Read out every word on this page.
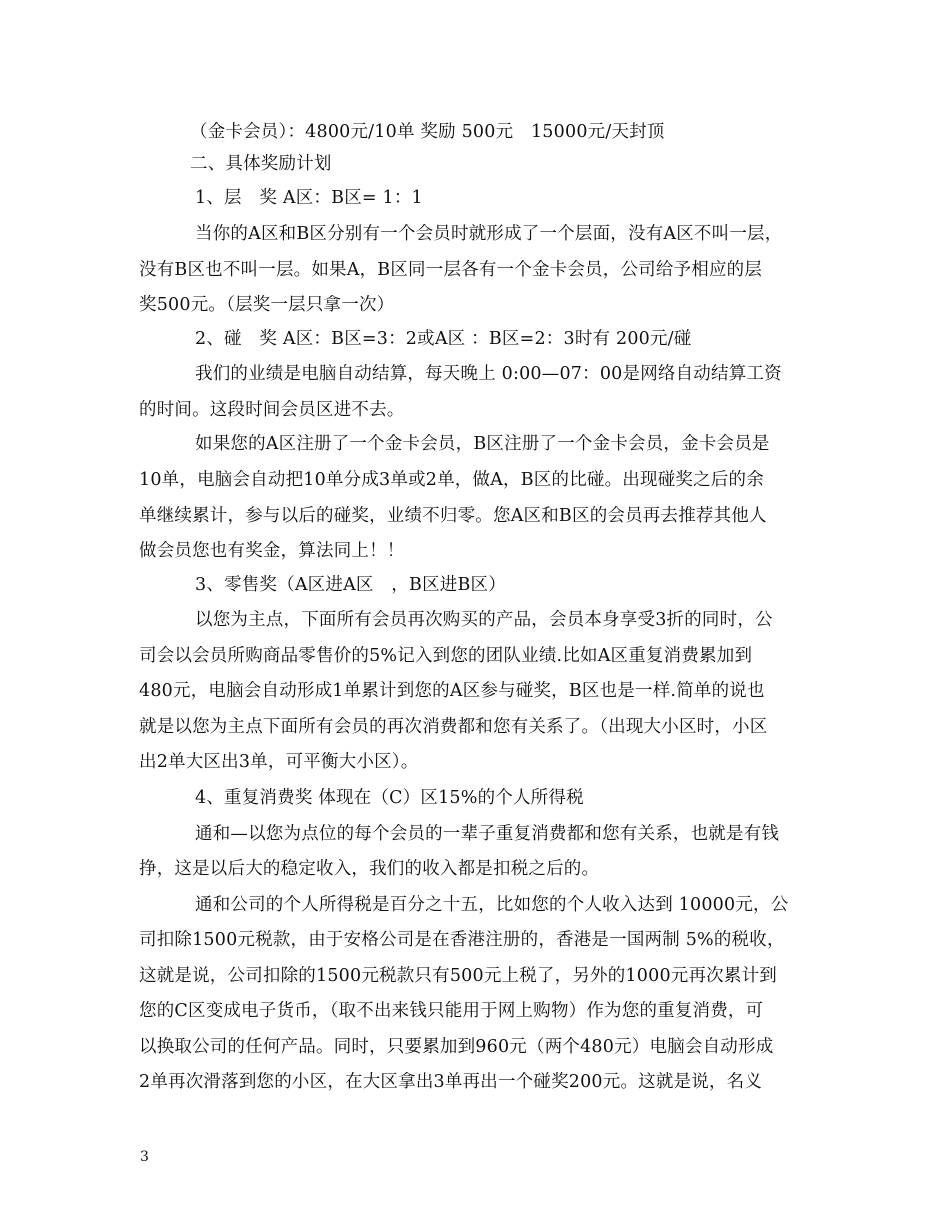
（金卡会员）：4800元/10单 奖励 500元　15000元/天封顶
二、具体奖励计划
1、层　奖 A区：B区= 1：1
当你的A区和B区分别有一个会员时就形成了一个层面，没有A区不叫一层，
没有B区也不叫一层。如果A，B区同一层各有一个金卡会员，公司给予相应的层
奖500元。（层奖一层只拿一次）
2、碰　奖 A区：B区=3：2或A区 ：B区=2：3时有 200元/碰
我们的业绩是电脑自动结算，每天晚上 0:00—07：00是网络自动结算工资
的时间。这段时间会员区进不去。
如果您的A区注册了一个金卡会员，B区注册了一个金卡会员，金卡会员是
10单，电脑会自动把10单分成3单或2单，做A，B区的比碰。出现碰奖之后的余
单继续累计，参与以后的碰奖，业绩不归零。您A区和B区的会员再去推荐其他人
做会员您也有奖金，算法同上！！
3、零售奖（A区进A区　，B区进B区）
以您为主点，下面所有会员再次购买的产品，会员本身享受3折的同时，公
司会以会员所购商品零售价的5%记入到您的团队业绩.比如A区重复消费累加到
480元，电脑会自动形成1单累计到您的A区参与碰奖，B区也是一样.简单的说也
就是以您为主点下面所有会员的再次消费都和您有关系了。（出现大小区时，小区
出2单大区出3单，可平衡大小区）。
4、重复消费奖 体现在（C）区15%的个人所得税
通和—以您为点位的每个会员的一辈子重复消费都和您有关系，也就是有钱
挣，这是以后大的稳定收入，我们的收入都是扣税之后的。
通和公司的个人所得税是百分之十五，比如您的个人收入达到 10000元，公
司扣除1500元税款，由于安格公司是在香港注册的，香港是一国两制 5%的税收，
这就是说，公司扣除的1500元税款只有500元上税了，另外的1000元再次累计到
您的C区变成电子货币，（取不出来钱只能用于网上购物）作为您的重复消费，可
以换取公司的任何产品。同时，只要累加到960元（两个480元）电脑会自动形成
2单再次滑落到您的小区，在大区拿出3单再出一个碰奖200元。这就是说，名义
3
